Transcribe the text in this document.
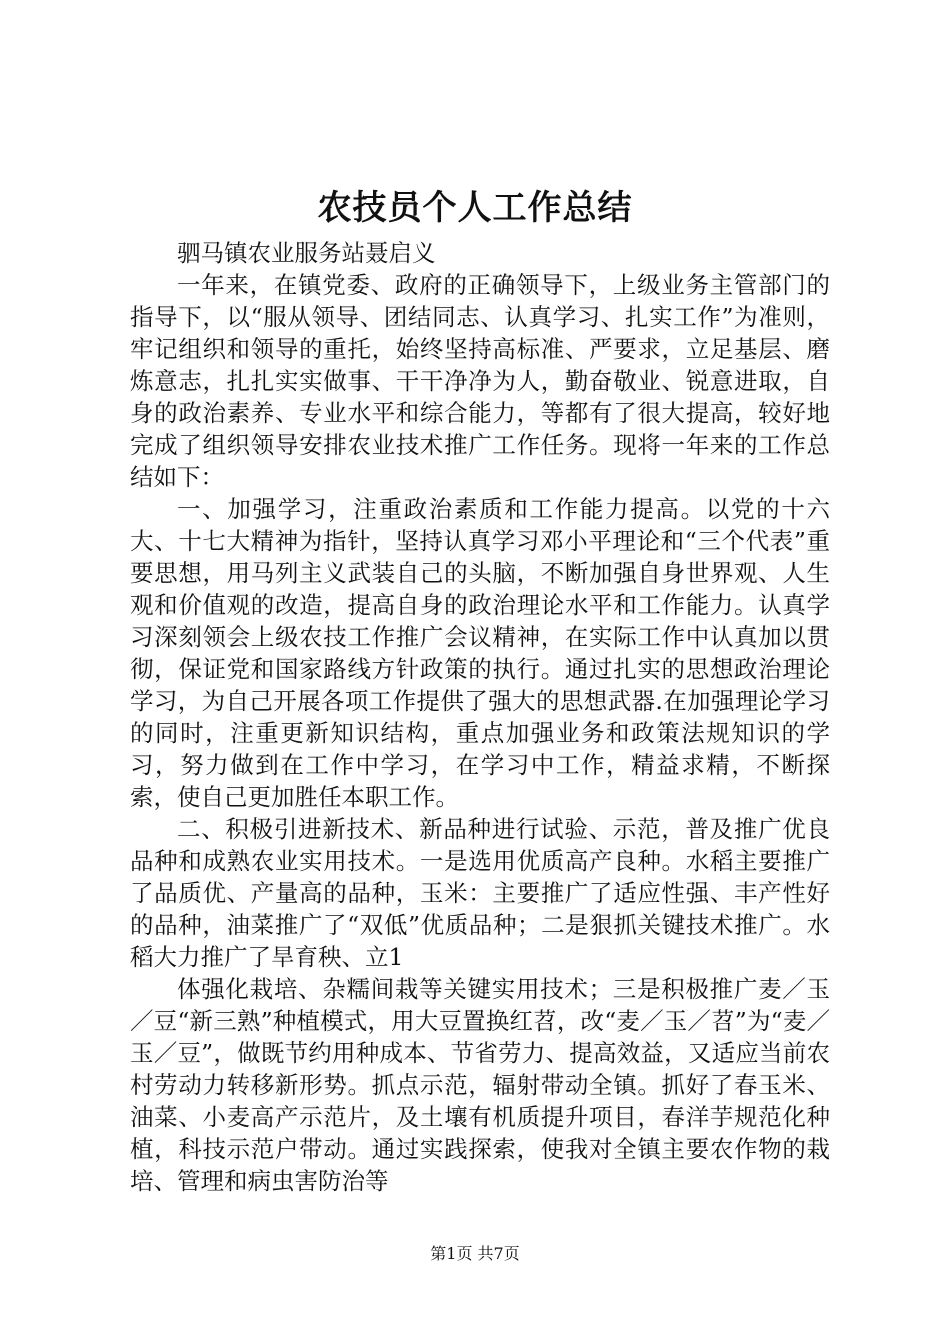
农技员个人工作总结

驷马镇农业服务站聂启义

一年来，在镇党委、政府的正确领导下，上级业务主管部门的指导下，以“服从领导、团结同志、认真学习、扎实工作”为准则，牢记组织和领导的重托，始终坚持高标准、严要求，立足基层、磨炼意志，扎扎实实做事、干干净净为人，勤奋敬业、锐意进取，自身的政治素养、专业水平和综合能力，等都有了很大提高，较好地完成了组织领导安排农业技术推广工作任务。现将一年来的工作总结如下：

一、加强学习，注重政治素质和工作能力提高。以党的十六大、十七大精神为指针，坚持认真学习邓小平理论和“三个代表”重要思想，用马列主义武装自己的头脑，不断加强自身世界观、人生观和价值观的改造，提高自身的政治理论水平和工作能力。认真学习深刻领会上级农技工作推广会议精神，在实际工作中认真加以贯彻，保证党和国家路线方针政策的执行。通过扎实的思想政治理论学习，为自己开展各项工作提供了强大的思想武器.在加强理论学习的同时，注重更新知识结构，重点加强业务和政策法规知识的学习，努力做到在工作中学习，在学习中工作，精益求精，不断探索，使自己更加胜任本职工作。

二、积极引进新技术、新品种进行试验、示范，普及推广优良品种和成熟农业实用技术。一是选用优质高产良种。水稻主要推广了品质优、产量高的品种，玉米：主要推广了适应性强、丰产性好的品种，油菜推广了“双低”优质品种；二是狠抓关键技术推广。水稻大力推广了旱育秧、立1

体强化栽培、杂糯间栽等关键实用技术；三是积极推广麦／玉／豆“新三熟”种植模式，用大豆置换红苕，改“麦／玉／苕”为“麦／玉／豆”，做既节约用种成本、节省劳力、提高效益，又适应当前农村劳动力转移新形势。抓点示范，辐射带动全镇。抓好了春玉米、油菜、小麦高产示范片，及土壤有机质提升项目，春洋芋规范化种植，科技示范户带动。通过实践探索，使我对全镇主要农作物的栽培、管理和病虫害防治等

第1页 共7页
